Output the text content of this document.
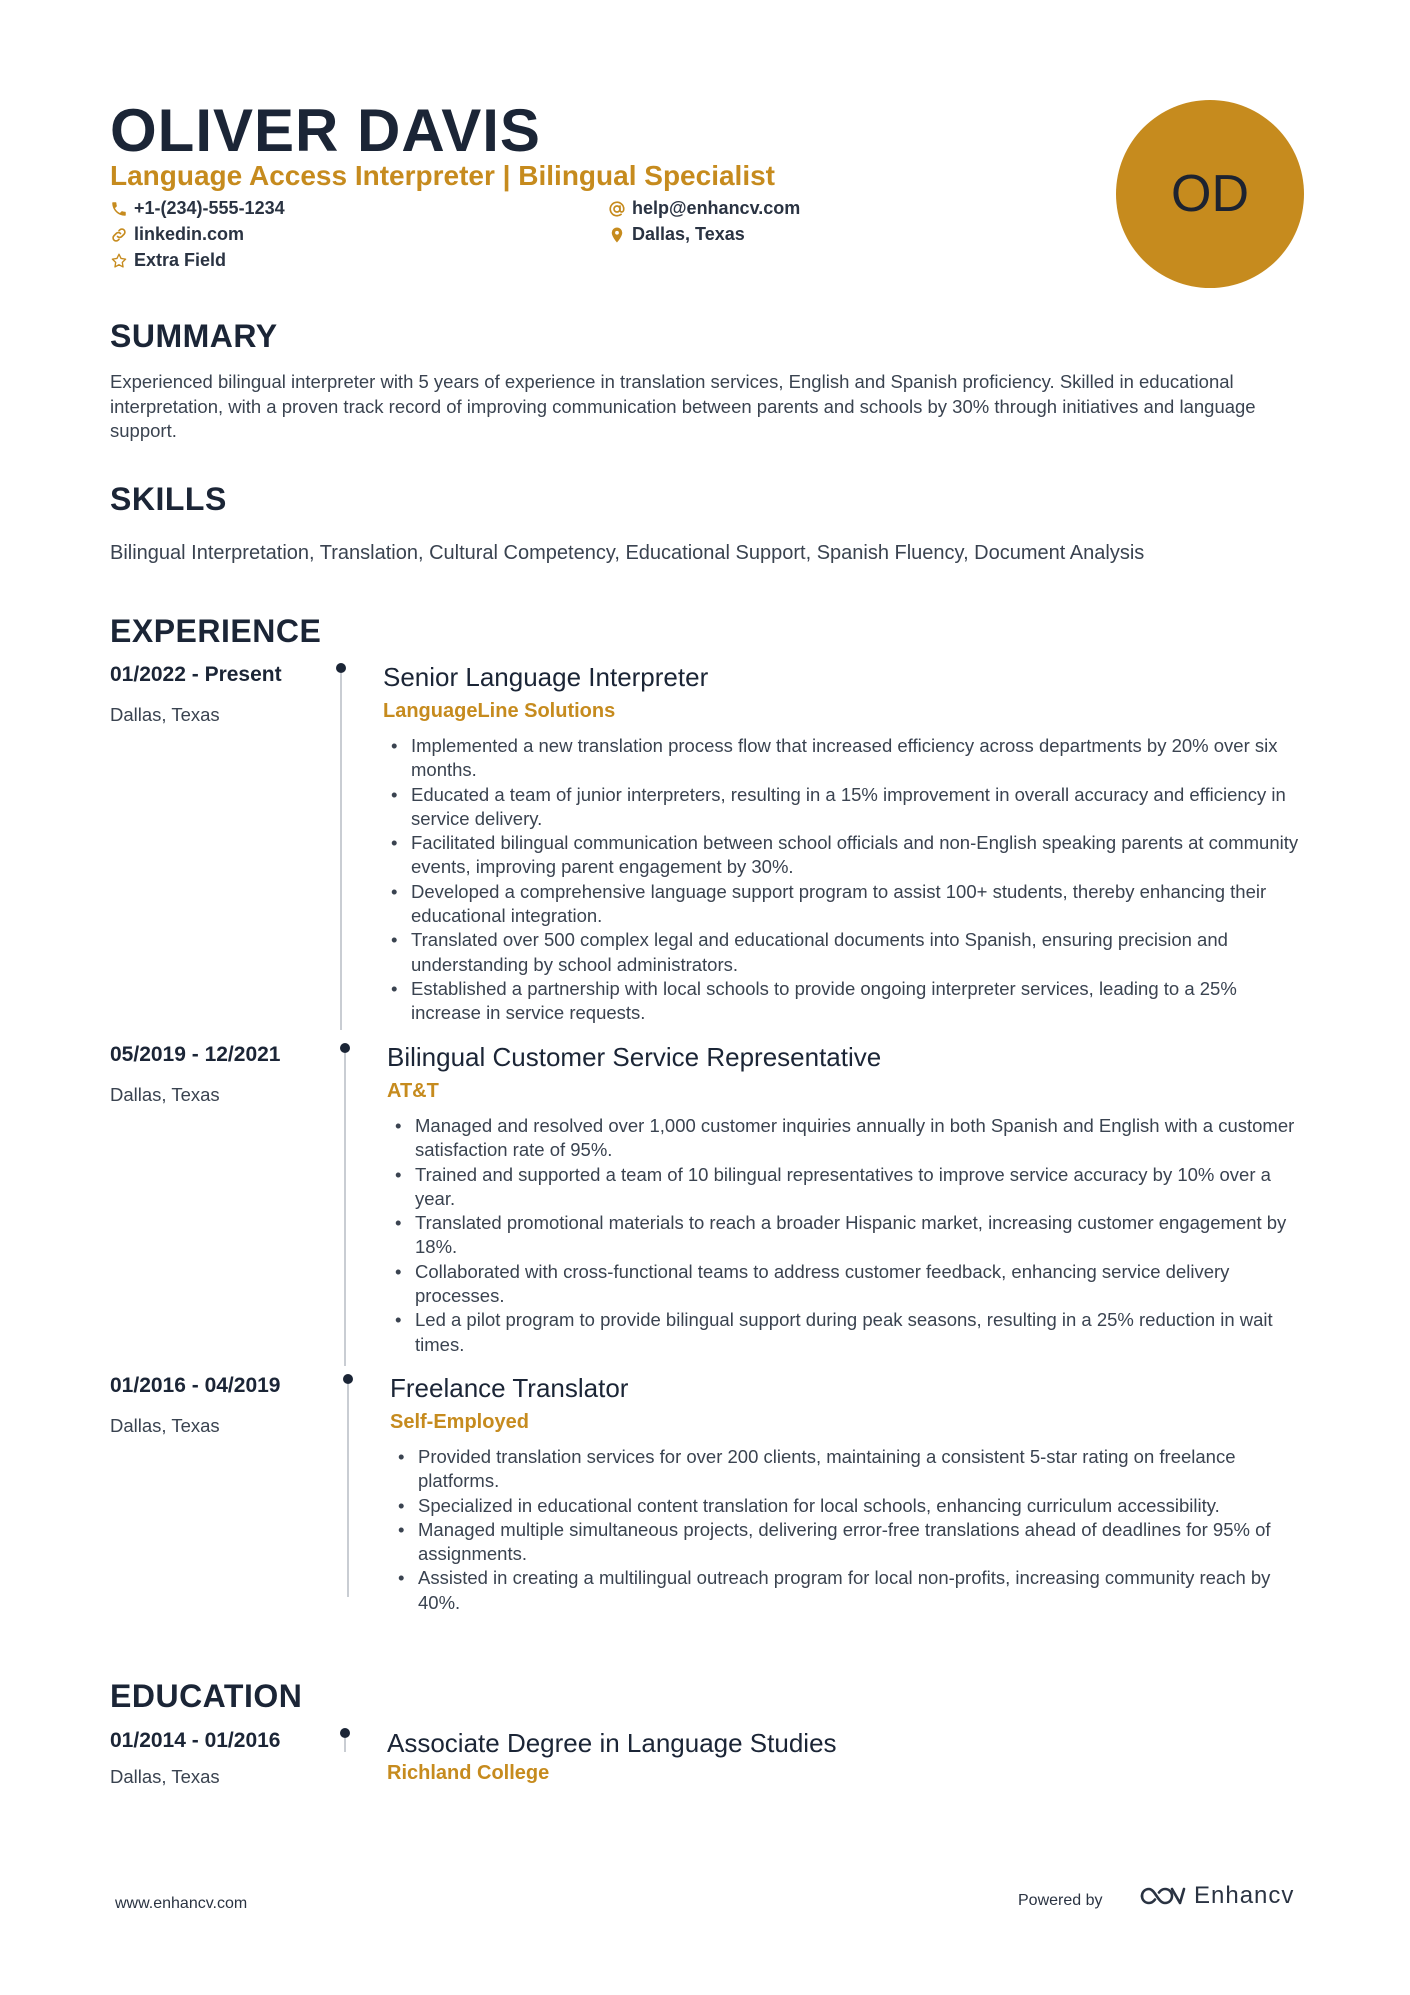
OLIVER DAVIS
Language Access Interpreter | Bilingual Specialist
+1-(234)-555-1234	help@enhancv.com
linkedin.com	Dallas, Texas
Extra Field
OD
SUMMARY
Experienced bilingual interpreter with 5 years of experience in translation services, English and Spanish proficiency. Skilled in educational interpretation, with a proven track record of improving communication between parents and schools by 30% through initiatives and language support.
SKILLS
Bilingual Interpretation, Translation, Cultural Competency, Educational Support, Spanish Fluency, Document Analysis
EXPERIENCE
01/2022 - Present
Dallas, Texas
Senior Language Interpreter
LanguageLine Solutions
• Implemented a new translation process flow that increased efficiency across departments by 20% over six months.
• Educated a team of junior interpreters, resulting in a 15% improvement in overall accuracy and efficiency in service delivery.
• Facilitated bilingual communication between school officials and non-English speaking parents at community events, improving parent engagement by 30%.
• Developed a comprehensive language support program to assist 100+ students, thereby enhancing their educational integration.
• Translated over 500 complex legal and educational documents into Spanish, ensuring precision and understanding by school administrators.
• Established a partnership with local schools to provide ongoing interpreter services, leading to a 25% increase in service requests.
05/2019 - 12/2021
Dallas, Texas
Bilingual Customer Service Representative
AT&T
• Managed and resolved over 1,000 customer inquiries annually in both Spanish and English with a customer satisfaction rate of 95%.
• Trained and supported a team of 10 bilingual representatives to improve service accuracy by 10% over a year.
• Translated promotional materials to reach a broader Hispanic market, increasing customer engagement by 18%.
• Collaborated with cross-functional teams to address customer feedback, enhancing service delivery processes.
• Led a pilot program to provide bilingual support during peak seasons, resulting in a 25% reduction in wait times.
01/2016 - 04/2019
Dallas, Texas
Freelance Translator
Self-Employed
• Provided translation services for over 200 clients, maintaining a consistent 5-star rating on freelance platforms.
• Specialized in educational content translation for local schools, enhancing curriculum accessibility.
• Managed multiple simultaneous projects, delivering error-free translations ahead of deadlines for 95% of assignments.
• Assisted in creating a multilingual outreach program for local non-profits, increasing community reach by 40%.
EDUCATION
01/2014 - 01/2016
Dallas, Texas
Associate Degree in Language Studies
Richland College
www.enhancv.com	Powered by	Enhancv
